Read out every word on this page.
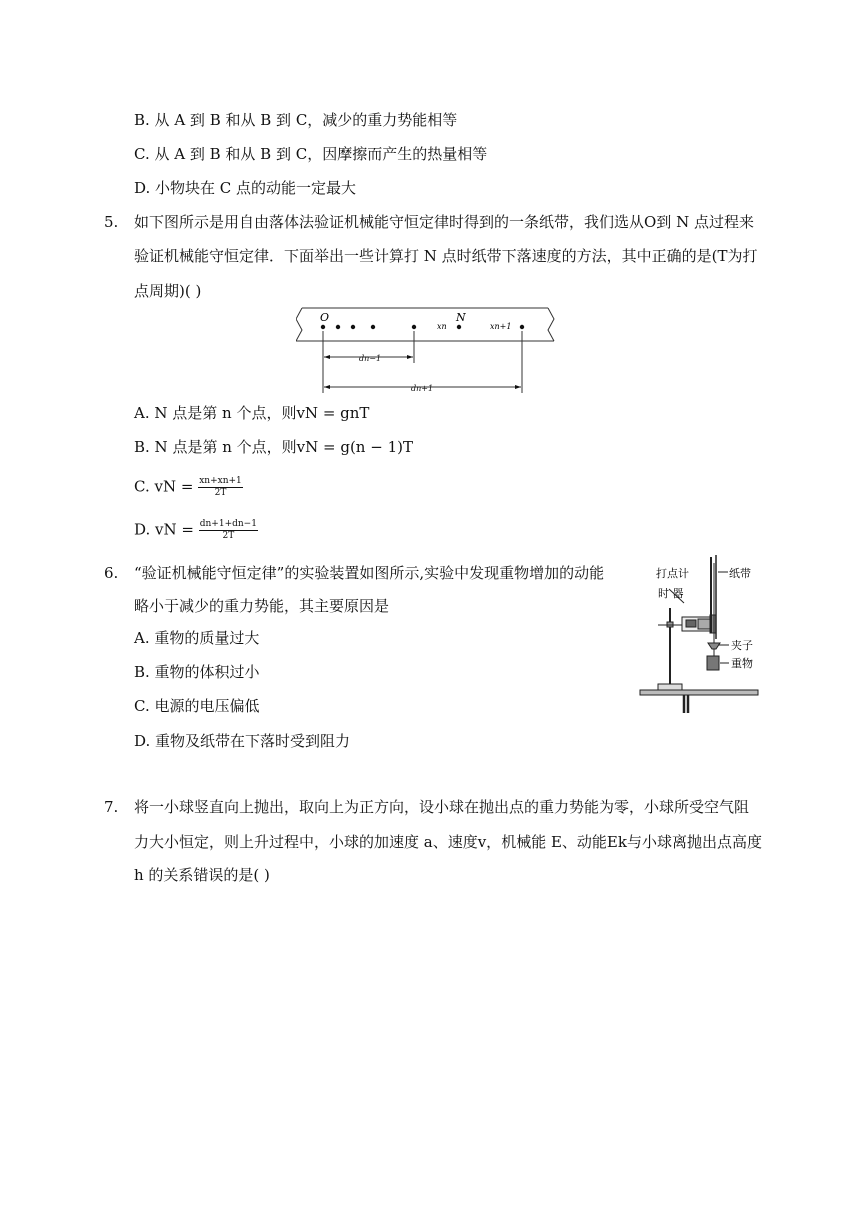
B. 从 A 到 B 和从 B 到 C，减少的重力势能相等
C. 从 A 到 B 和从 B 到 C，因摩擦而产生的热量相等
D. 小物块在 C 点的动能一定最大
5. 如下图所示是用自由落体法验证机械能守恒定律时得到的一条纸带，我们选从O到 N 点过程来
验证机械能守恒定律．下面举出一些计算打 N 点时纸带下落速度的方法，其中正确的是(T为打
点周期)( )
O	N
xn	xn+1
dn−1
dn+1
A. N 点是第 n 个点，则vN = gnT
B. N 点是第 n 个点，则vN = g(n − 1)T
C. vN = $\frac{xn+xn+1}{2T}$
D. vN = $\frac{dn+1+dn-1}{2T}$
6. “验证机械能守恒定律”的实验装置如图所示,实验中发现重物增加的动能
略小于减少的重力势能，其主要原因是
A. 重物的质量过大
B. 重物的体积过小
C. 电源的电压偏低
D. 重物及纸带在下落时受到阻力
打点计
时 器
纸带
夹子
重物
7. 将一小球竖直向上抛出，取向上为正方向，设小球在抛出点的重力势能为零，小球所受空气阻
力大小恒定，则上升过程中，小球的加速度 a、速度v，机械能 E、动能Ek与小球离抛出点高度
h 的关系错误的是( )
